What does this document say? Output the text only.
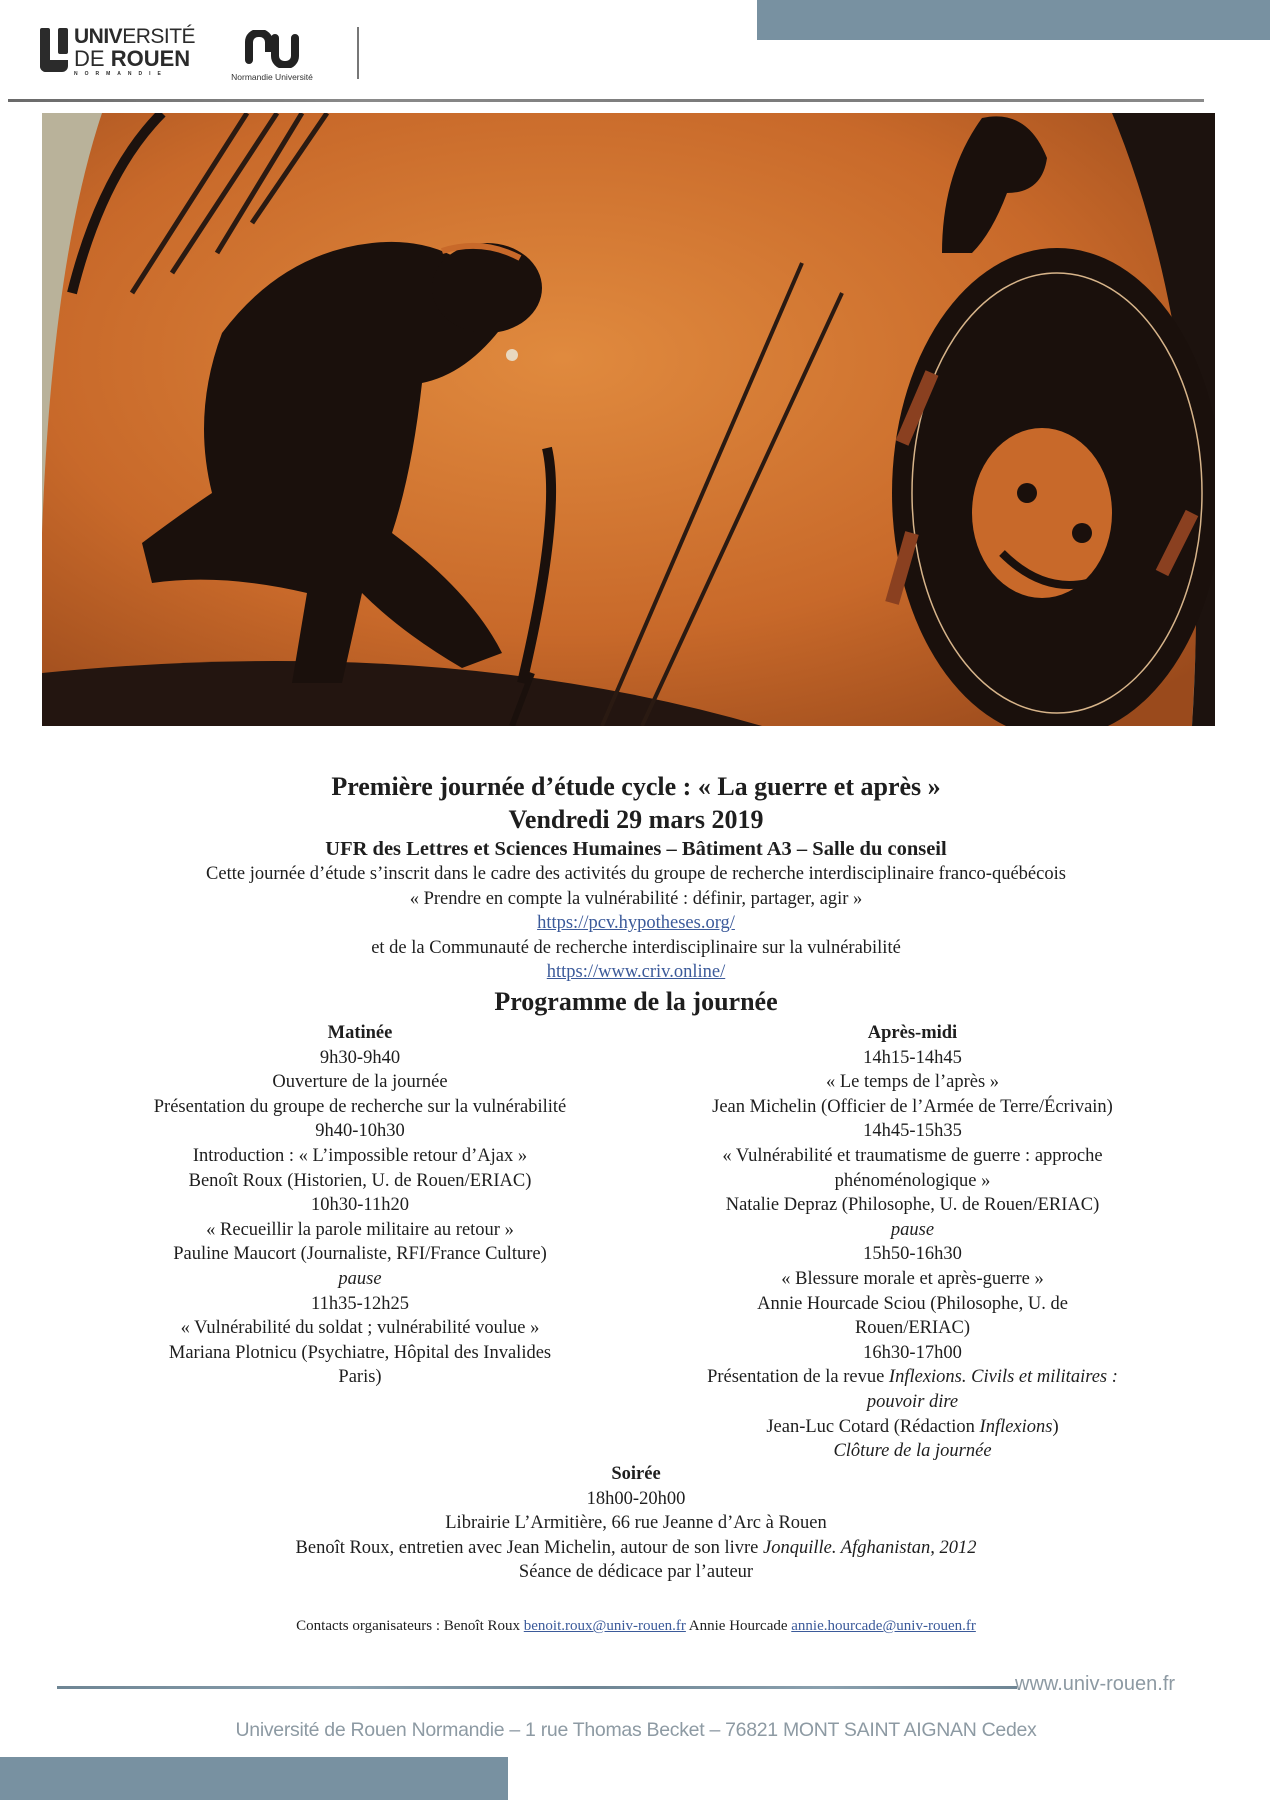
UNIVERSITÉ
DE ROUEN
NORMANDIE	Normandie Université
Première journée d’étude cycle : « La guerre et après »
Vendredi 29 mars 2019
UFR des Lettres et Sciences Humaines – Bâtiment A3 – Salle du conseil
Cette journée d’étude s’inscrit dans le cadre des activités du groupe de recherche interdisciplinaire franco-québécois
« Prendre en compte la vulnérabilité : définir, partager, agir »
https://pcv.hypotheses.org/
et de la Communauté de recherche interdisciplinaire sur la vulnérabilité
https://www.criv.online/
Programme de la journée
Matinée
9h30-9h40
Ouverture de la journée
Présentation du groupe de recherche sur la vulnérabilité
9h40-10h30
Introduction : « L’impossible retour d’Ajax »
Benoît Roux (Historien, U. de Rouen/ERIAC)
10h30-11h20
« Recueillir la parole militaire au retour »
Pauline Maucort (Journaliste, RFI/France Culture)
pause
11h35-12h25
« Vulnérabilité du soldat ; vulnérabilité voulue »
Mariana Plotnicu (Psychiatre, Hôpital des Invalides
Paris)
Après-midi
14h15-14h45
« Le temps de l’après »
Jean Michelin (Officier de l’Armée de Terre/Écrivain)
14h45-15h35
« Vulnérabilité et traumatisme de guerre : approche
phénoménologique »
Natalie Depraz (Philosophe, U. de Rouen/ERIAC)
pause
15h50-16h30
« Blessure morale et après-guerre »
Annie Hourcade Sciou (Philosophe, U. de
Rouen/ERIAC)
16h30-17h00
Présentation de la revue Inflexions. Civils et militaires :
pouvoir dire
Jean-Luc Cotard (Rédaction Inflexions)
Clôture de la journée
Soirée
18h00-20h00
Librairie L’Armitière, 66 rue Jeanne d’Arc à Rouen
Benoît Roux, entretien avec Jean Michelin, autour de son livre Jonquille. Afghanistan, 2012
Séance de dédicace par l’auteur
Contacts organisateurs : Benoît Roux benoit.roux@univ-rouen.fr Annie Hourcade annie.hourcade@univ-rouen.fr
www.univ-rouen.fr
Université de Rouen Normandie – 1 rue Thomas Becket – 76821 MONT SAINT AIGNAN Cedex
